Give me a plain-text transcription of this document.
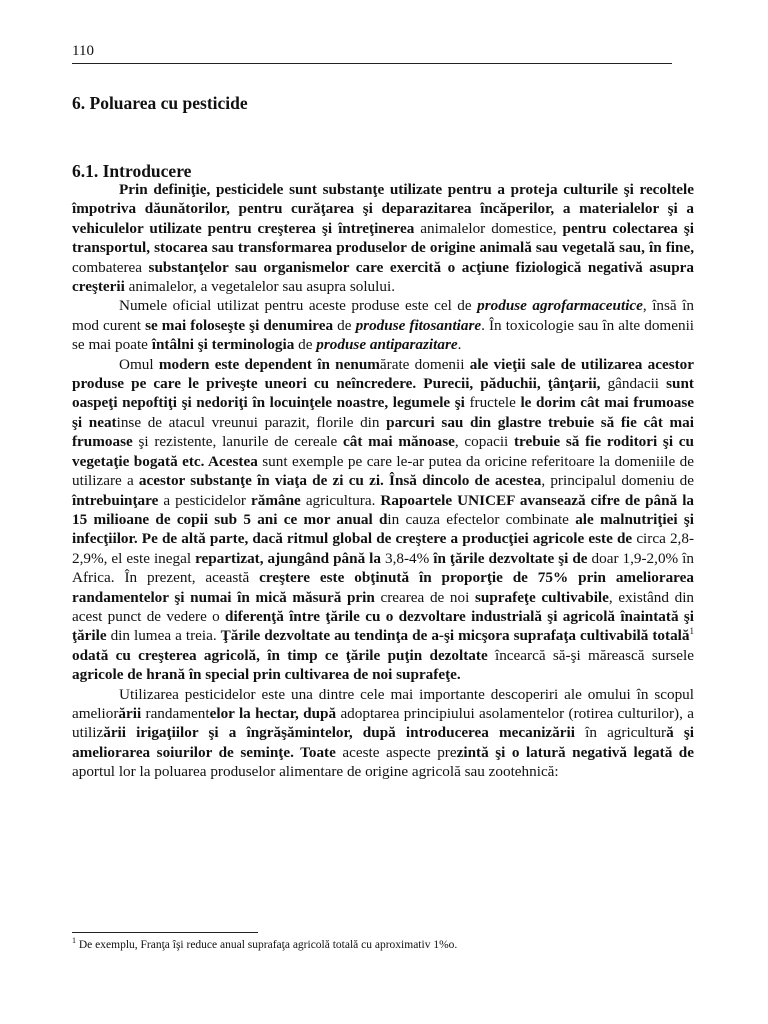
110
6. Poluarea cu pesticide
6.1. Introducere

Prin definiţie, pesticidele sunt substanţe utilizate pentru a proteja culturile şi recoltele împotriva dăunătorilor, pentru curăţarea şi deparazitarea încăperilor, a materialelor şi a vehiculelor utilizate pentru creşterea şi întreţinerea animalelor domestice, pentru colectarea şi transportul, stocarea sau transformarea produselor de origine animală sau vegetală sau, în fine, combaterea substanţelor sau organismelor care exercită o acţiune fiziologică negativă asupra creşterii animalelor, a vegetalelor sau asupra solului.

Numele oficial utilizat pentru aceste produse este cel de produse agrofarmaceutice, însă în mod curent se mai foloseşte şi denumirea de produse fitosantiare. În toxicologie sau în alte domenii se mai poate întâlni şi terminologia de produse antiparazitare.

Omul modern este dependent în nenumărate domenii ale vieţii sale de utilizarea acestor produse pe care le priveşte uneori cu neîncredere. Purecii, păduchii, ţânţarii, gândacii sunt oaspeţi nepoftiţi şi nedoriţi în locuinţele noastre, legumele şi fructele le dorim cât mai frumoase şi neatinse de atacul vreunui parazit, florile din parcuri sau din glastre trebuie să fie cât mai frumoase şi rezistente, lanurile de cereale cât mai mănoase, copacii trebuie să fie roditori şi cu vegetaţie bogată etc. Acestea sunt exemple pe care le-ar putea da oricine referitoare la domeniile de utilizare a acestor substanţe în viaţa de zi cu zi. Însă dincolo de acestea, principalul domeniu de întrebuinţare a pesticidelor rămâne agricultura. Rapoartele UNICEF avansează cifre de până la 15 milioane de copii sub 5 ani ce mor anual din cauza efectelor combinate ale malnutriţiei şi infecţiilor. Pe de altă parte, dacă ritmul global de creştere a producţiei agricole este de circa 2,8-2,9%, el este inegal repartizat, ajungând până la 3,8-4% în ţările dezvoltate şi de doar 1,9-2,0% în Africa. În prezent, această creştere este obţinută în proporţie de 75% prin ameliorarea randamentelor şi numai în mică măsură prin crearea de noi suprafeţe cultivabile, existând din acest punct de vedere o diferenţă între ţările cu o dezvoltare industrială şi agricolă înaintată şi ţările din lumea a treia. Ţările dezvoltate au tendinţa de a-şi micşora suprafaţa cultivabilă totală$^1$ odată cu creşterea agricolă, în timp ce ţările puţin dezoltate încearcă să-şi mărească sursele agricole de hrană în special prin cultivarea de noi suprafeţe.

Utilizarea pesticidelor este una dintre cele mai importante descoperiri ale omului în scopul ameliorării randamentelor la hectar, după adoptarea principiului asolamentelor (rotirea culturilor), a utilizării irigaţiilor şi a îngrăşămintelor, după introducerea mecanizării în agricultură şi ameliorarea soiurilor de seminţe. Toate aceste aspecte prezintă şi o latură negativă legată de aportul lor la poluarea produselor alimentare de origine agricolă sau zootehnică:

$^1$ De exemplu, Franţa îşi reduce anual suprafaţa agricolă totală cu aproximativ 1%o.
